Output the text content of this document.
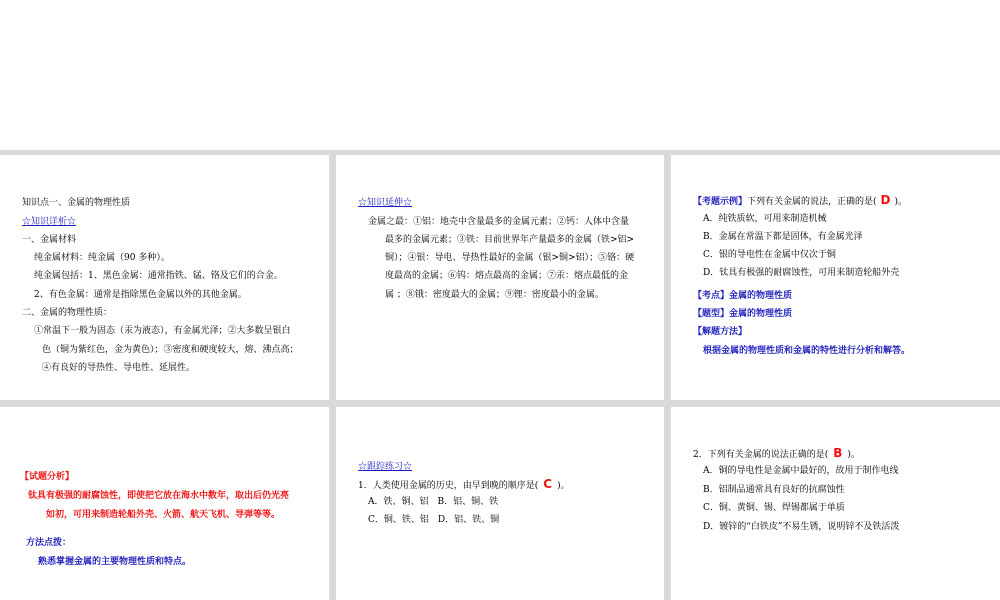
知识点一、金属的物理性质
☆知识详析☆
一、金属材料
纯金属材料：纯金属（90 多种）。
纯金属包括：1、黑色金属：通常指铁、锰、铬及它们的合金。
2、有色金属：通常是指除黑色金属以外的其他金属。
二、金属的物理性质：
①常温下一般为固态（汞为液态），有金属光泽；②大多数呈银白
色（铜为紫红色，金为黄色）；③密度和硬度较大，熔、沸点高；
④有良好的导热性、导电性、延展性。
☆知识延伸☆
金属之最：①铝：地壳中含量最多的金属元素；②钙：人体中含量
最多的金属元素；③铁：目前世界年产量最多的金属（铁>铝>
铜）；④银：导电、导热性最好的金属（银>铜>铝）；⑤铬：硬
度最高的金属；⑥钨：熔点最高的金属；⑦汞：熔点最低的金
属 ；⑧锇：密度最大的金属；⑨锂：密度最小的金属。
【考题示例】下列有关金属的说法，正确的是( D )。
A．纯铁质软，可用来制造机械
B．金属在常温下都是固体，有金属光泽
C．银的导电性在金属中仅次于铜
D．钛具有极强的耐腐蚀性，可用来制造轮船外壳
【考点】金属的物理性质
【题型】金属的物理性质
【解题方法】
根据金属的物理性质和金属的特性进行分析和解答。
【试题分析】
钛具有极强的耐腐蚀性，即使把它放在海水中数年，取出后仍光亮
如初，可用来制造轮船外壳、火箭、航天飞机、导弹等等。
方法点拨：
熟悉掌握金属的主要物理性质和特点。
☆跟踪练习☆
1．人类使用金属的历史，由早到晚的顺序是( C )。
A．铁、铜、铝　B．铝、铜、铁
C．铜、铁、铝　D．铝、铁、铜
2．下列有关金属的说法正确的是( B )。
A．铜的导电性是金属中最好的，故用于制作电线
B．铝制品通常具有良好的抗腐蚀性
C．铜、黄铜、锡、焊锡都属于单质
D．镀锌的“白铁皮”不易生锈，说明锌不及铁活泼
